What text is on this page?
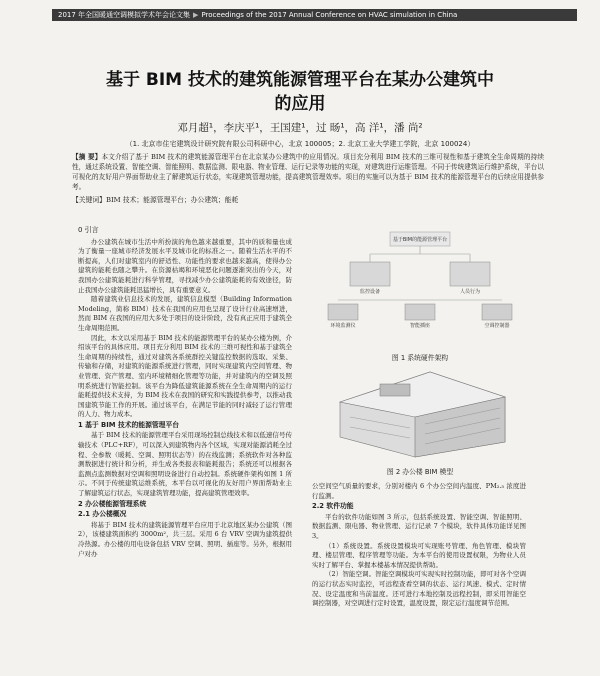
2017 年全国暖通空调模拟学术年会论文集 ▶ Proceedings of the 2017 Annual Conference on HVAC simulation in China
基于 BIM 技术的建筑能源管理平台在某办公建筑中
的应用
邓月超¹，李庆平¹，王国建¹，过 旸¹，高 洋¹，潘 尚²
（1. 北京市住宅建筑设计研究院有限公司科研中心，北京 100005；2. 北京工业大学建工学院，北京 100024）
【摘 要】本文介绍了基于 BIM 技术的建筑能源管理平台在北京某办公建筑中的应用情况。项目充分利用 BIM 技术的三维可视性和基于建筑全生命周期的持续性，通过系统设置、智能空调、智能照明、数据监测、限电器、物业管理、运行记录等功能的实现，对建筑进行运维管理。不同于传统建筑运行维护系统，平台以可视化的友好用户界面帮助业主了解建筑运行状态，实现建筑管理功能，提高建筑管理效率。项目的实施可以为基于 BIM 技术的能源管理平台的后续应用提供参考。
【关键词】BIM 技术；能源管理平台；办公建筑；能耗
0 引言

办公建筑在城市生活中所扮演的角色越来越重要，其中的质和量也成为了衡量一座城市经济发展水平及城市化的标准之一。随着生活水平的不断提高，人们对建筑室内的舒适性、功能性的要求也越来越高，使得办公建筑的能耗也随之攀升。在资源枯竭和环境恶化问题逐渐突出的今天，对我国办公建筑能耗进行科学管理，寻找减少办公建筑能耗的有效途径，防止我国办公建筑能耗迅猛增长，具有重要意义。

随着建筑业信息技术的发展，建筑信息模型（Building Information Modeling，简称 BIM）技术在我国的应用也呈现了设计行业高速增进，然而 BIM 在我国的应用大多处于项目的设计阶段，没有真正应用于建筑全生命周期范围。

因此，本文以采用基于 BIM 技术的能源管理平台的某办公楼为例，介绍该平台的具体应用。项目充分利用 BIM 技术的三维可视性和基于建筑全生命周期的持续性，通过对建筑各系统群控关键监控数据的选取、采集、传输和存储，对建筑的能源系统进行管理，同时实现建筑内空间管理、物业管理、资产管理、室内环境精细化管理等功能，并对建筑内的空调及照明系统进行智能控制。该平台为降低建筑能源系统在全生命周期内的运行能耗提供技术支持，为 BIM 技术在我国的研究和实践提供参考，以推动我国建筑节能工作的开展。通过该平台，在满足节能的同时减轻了运行管理的人力、物力成本。

1 基于 BIM 技术的能源管理平台

基于 BIM 技术的能源管理平台采用现场控制总线技术和以低速信号传输技术（PLC+RF），可以深入到建筑物内各个区域，实现对能源消耗全过程、全参数（暖耗、空调、照明状态等）的在线监测；系统软件对各种监测数据进行统计和分析，并生成各类报表和能耗报告；系统还可以根据各监测点监测数据对空调和照明设备进行自动控制。系统硬件架构如图 1 所示。不同于传统建筑运维系统，本平台以可视化的友好用户界面帮助业主了解建筑运行状态，实现建筑管理功能，提高建筑管理效率。

2 办公楼能源管理系统
2.1 办公楼概况

将基于 BIM 技术的建筑能源管理平台应用于北京地区某办公建筑（图 2），该楼建筑面积约 3000m²，共三层。采用 6 台 VRV 空调为建筑提供冷热源。办公楼的用电设备包括 VRV 空调、照明、插座等。另外，根据用户对办

基于BIM的能源管理平台
监控设备	人员行为
环境监测仪	智能插座	空调控制器
图 1 系统硬件架构
图 2 办公楼 BIM 模型

公空间空气质量的要求，分别对楼内 6 个办公空间内温度、PM₂.₅ 浓度进行监测。

2.2 软件功能

平台的软件功能如图 3 所示，包括系统设置、智能空调、智能照明、数据监测、限电器、物业管理、运行记录 7 个模块，软件具体功能详见图 3。

（1）系统设置。系统设置模块可实现账号管理、角色管理、模块管理、楼层管理、程序管理等功能。为本平台的使用设置权限，为物业人员实时了解平台、掌握本楼基本情况提供帮助。

（2）智能空调。智能空调模块可实现实时控制功能，即可对各个空调的运行状态实时监控，可远程查看空调的状态、运行风速、模式、定时情况、设定温度和当前温度。还可进行本地控制及远程控制，即采用智能空调控制器，对空调进行定时设置，温度设置，限定运行温度调节范围。
